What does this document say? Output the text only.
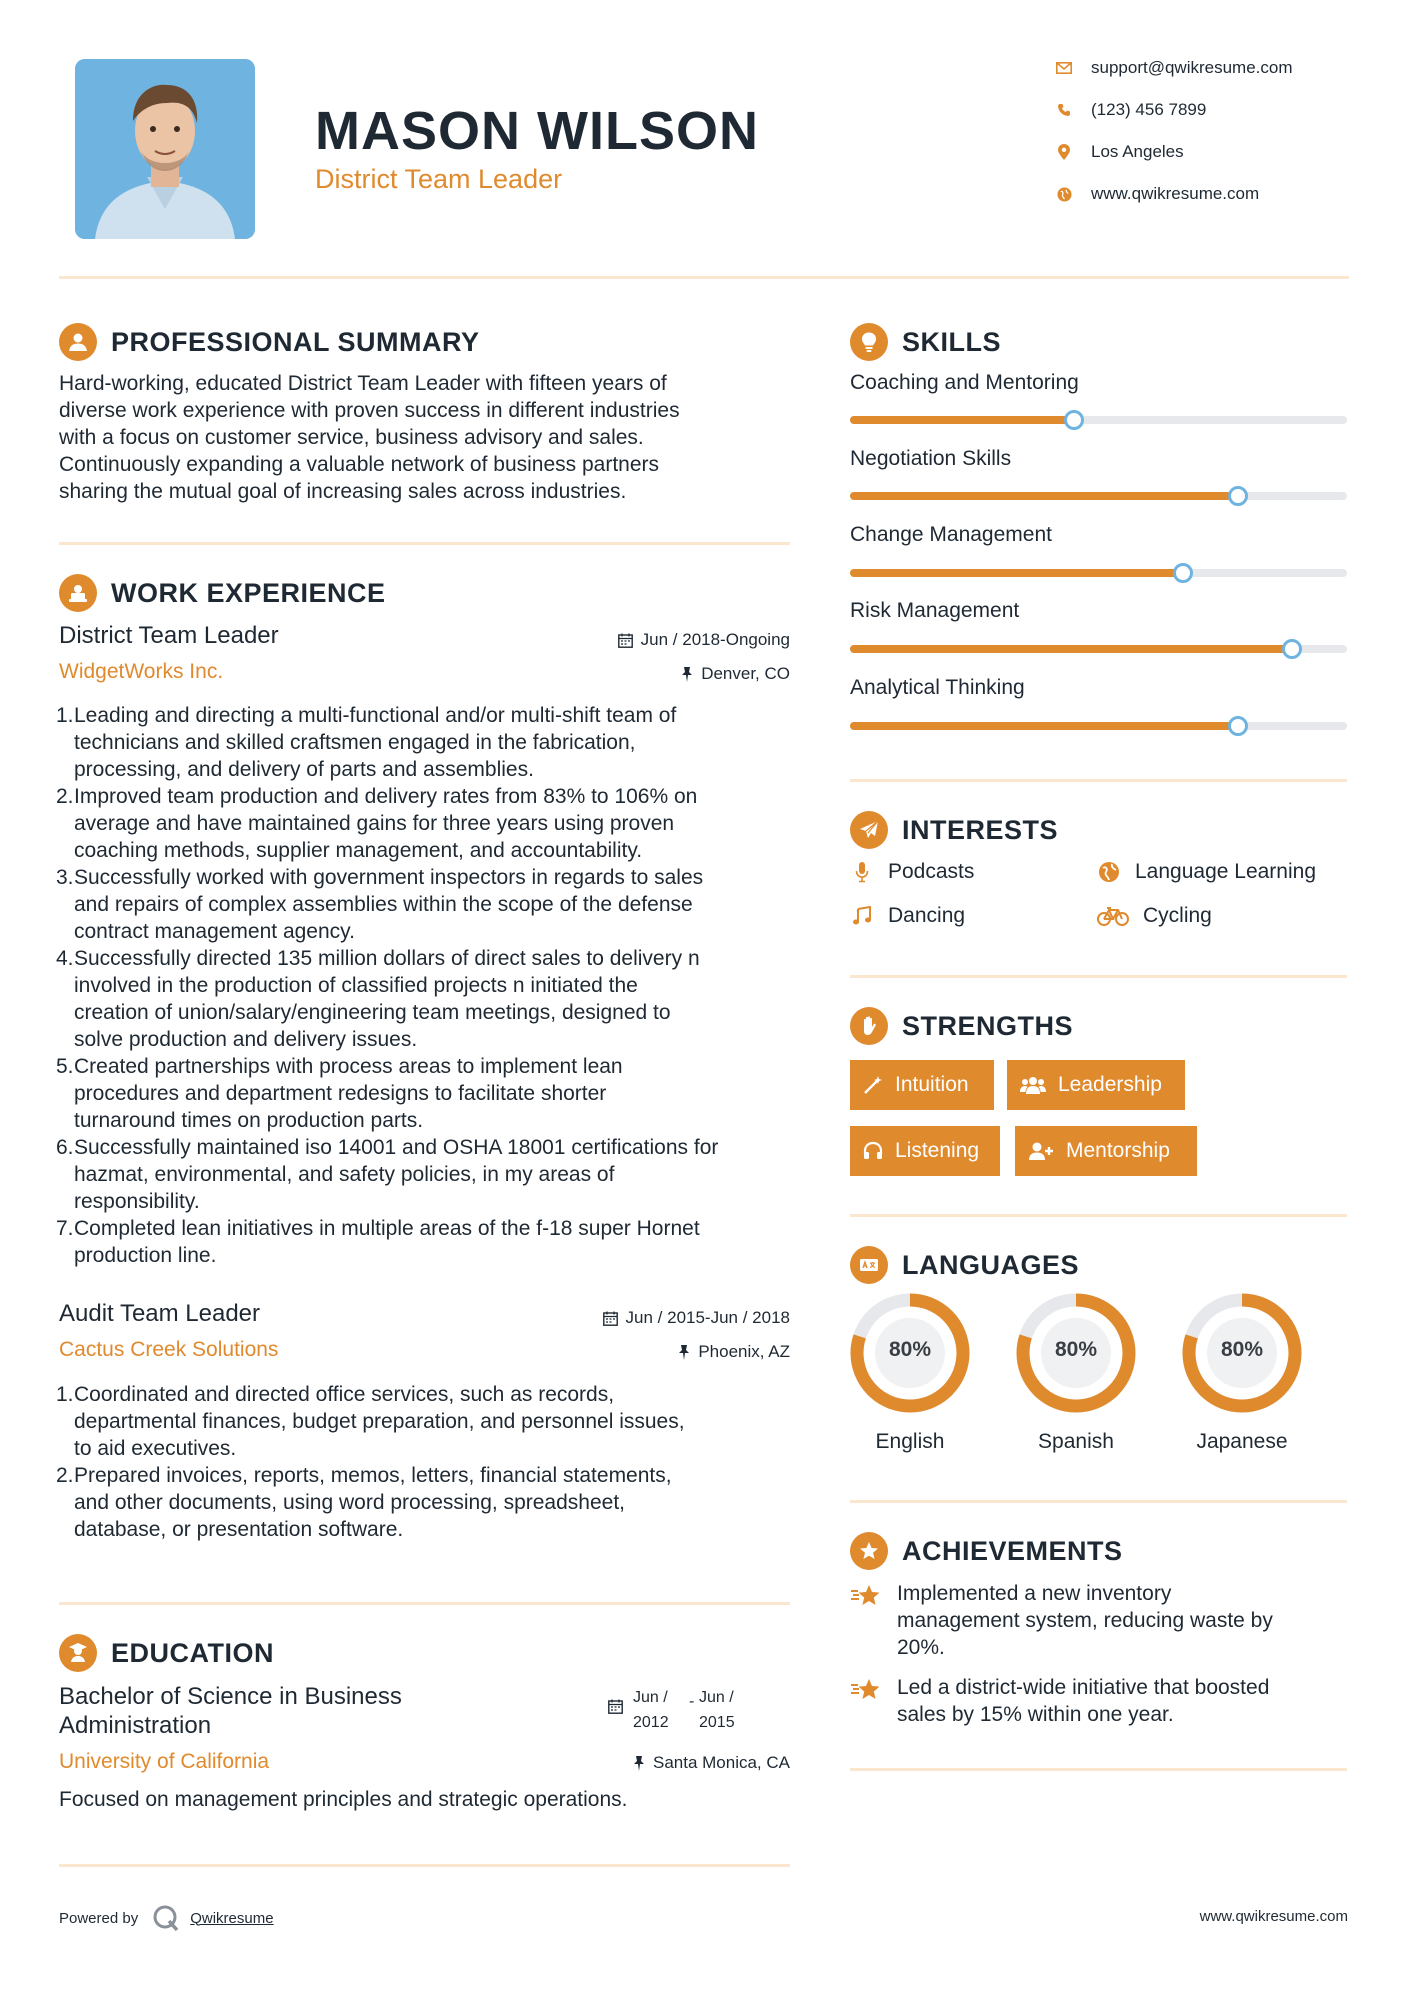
MASON WILSON
District Team Leader
support@qwikresume.com
(123) 456 7899
Los Angeles
www.qwikresume.com
PROFESSIONAL SUMMARY
Hard-working, educated District Team Leader with fifteen years of
diverse work experience with proven success in different industries
with a focus on customer service, business advisory and sales.
Continuously expanding a valuable network of business partners
sharing the mutual goal of increasing sales across industries.
WORK EXPERIENCE
District Team Leader	Jun / 2018-Ongoing
WidgetWorks Inc.	Denver, CO
1. Leading and directing a multi-functional and/or multi-shift team of
technicians and skilled craftsmen engaged in the fabrication,
processing, and delivery of parts and assemblies.
2. Improved team production and delivery rates from 83% to 106% on
average and have maintained gains for three years using proven
coaching methods, supplier management, and accountability.
3. Successfully worked with government inspectors in regards to sales
and repairs of complex assemblies within the scope of the defense
contract management agency.
4. Successfully directed 135 million dollars of direct sales to delivery n
involved in the production of classified projects n initiated the
creation of union/salary/engineering team meetings, designed to
solve production and delivery issues.
5. Created partnerships with process areas to implement lean
procedures and department redesigns to facilitate shorter
turnaround times on production parts.
6. Successfully maintained iso 14001 and OSHA 18001 certifications for
hazmat, environmental, and safety policies, in my areas of
responsibility.
7. Completed lean initiatives in multiple areas of the f-18 super Hornet
production line.
Audit Team Leader	Jun / 2015-Jun / 2018
Cactus Creek Solutions	Phoenix, AZ
1. Coordinated and directed office services, such as records,
departmental finances, budget preparation, and personnel issues,
to aid executives.
2. Prepared invoices, reports, memos, letters, financial statements,
and other documents, using word processing, spreadsheet,
database, or presentation software.
EDUCATION
Bachelor of Science in Business
Administration
Jun /
2012
- Jun /
2015
University of California	Santa Monica, CA
Focused on management principles and strategic operations.
SKILLS
Coaching and Mentoring
Negotiation Skills
Change Management
Risk Management
Analytical Thinking
INTERESTS
Podcasts	Language Learning
Dancing	Cycling
STRENGTHS
Intuition	Leadership
Listening	Mentorship
LANGUAGES
80%
English
80%
Spanish
80%
Japanese
ACHIEVEMENTS
Implemented a new inventory
management system, reducing waste by
20%.
Led a district-wide initiative that boosted
sales by 15% within one year.
Powered by	Qwikresume	www.qwikresume.com
